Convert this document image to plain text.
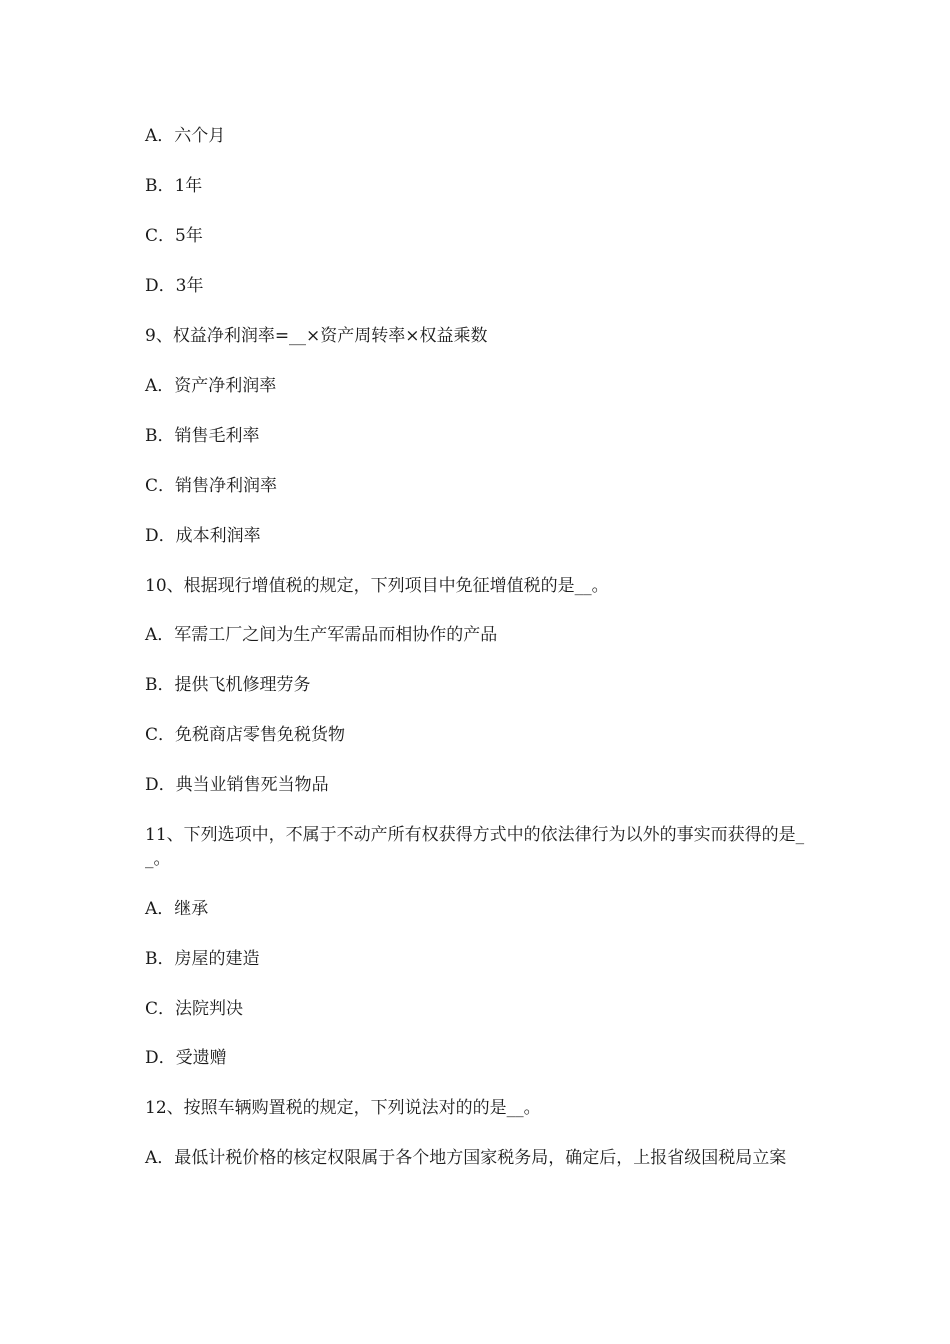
A．六个月
B．1年
C．5年
D．3年
9、权益净利润率=__×资产周转率×权益乘数
A．资产净利润率
B．销售毛利率
C．销售净利润率
D．成本利润率
10、根据现行增值税的规定，下列项目中免征增值税的是__。
A．军需工厂之间为生产军需品而相协作的产品
B．提供飞机修理劳务
C．免税商店零售免税货物
D．典当业销售死当物品
11、下列选项中，不属于不动产所有权获得方式中的依法律行为以外的事实而获得的是__。
A．继承
B．房屋的建造
C．法院判决
D．受遗赠
12、按照车辆购置税的规定，下列说法对的的是__。
A．最低计税价格的核定权限属于各个地方国家税务局，确定后，上报省级国税局立案
